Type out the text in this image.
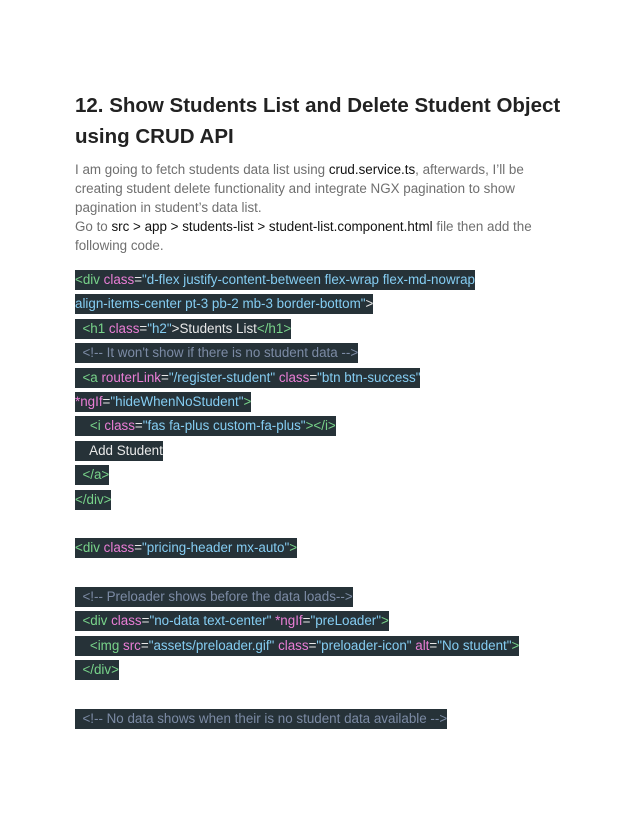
12. Show Students List and Delete Student Object
using CRUD API
I am going to fetch students data list using crud.service.ts, afterwards, I’ll be
creating student delete functionality and integrate NGX pagination to show
pagination in student’s data list.
Go to src > app > students-list > student-list.component.html file then add the
following code.
<div class="d-flex justify-content-between flex-wrap flex-md-nowrap
align-items-center pt-3 pb-2 mb-3 border-bottom">
<h1 class="h2">Students List</h1>
<!-- It won't show if there is no student data -->
<a routerLink="/register-student" class="btn btn-success"
*ngIf="hideWhenNoStudent">
<i class="fas fa-plus custom-fa-plus"></i>
Add Student
</a>
</div>
<div class="pricing-header mx-auto">
<!-- Preloader shows before the data loads-->
<div class="no-data text-center" *ngIf="preLoader">
<img src="assets/preloader.gif" class="preloader-icon" alt="No student">
</div>
<!-- No data shows when their is no student data available -->
